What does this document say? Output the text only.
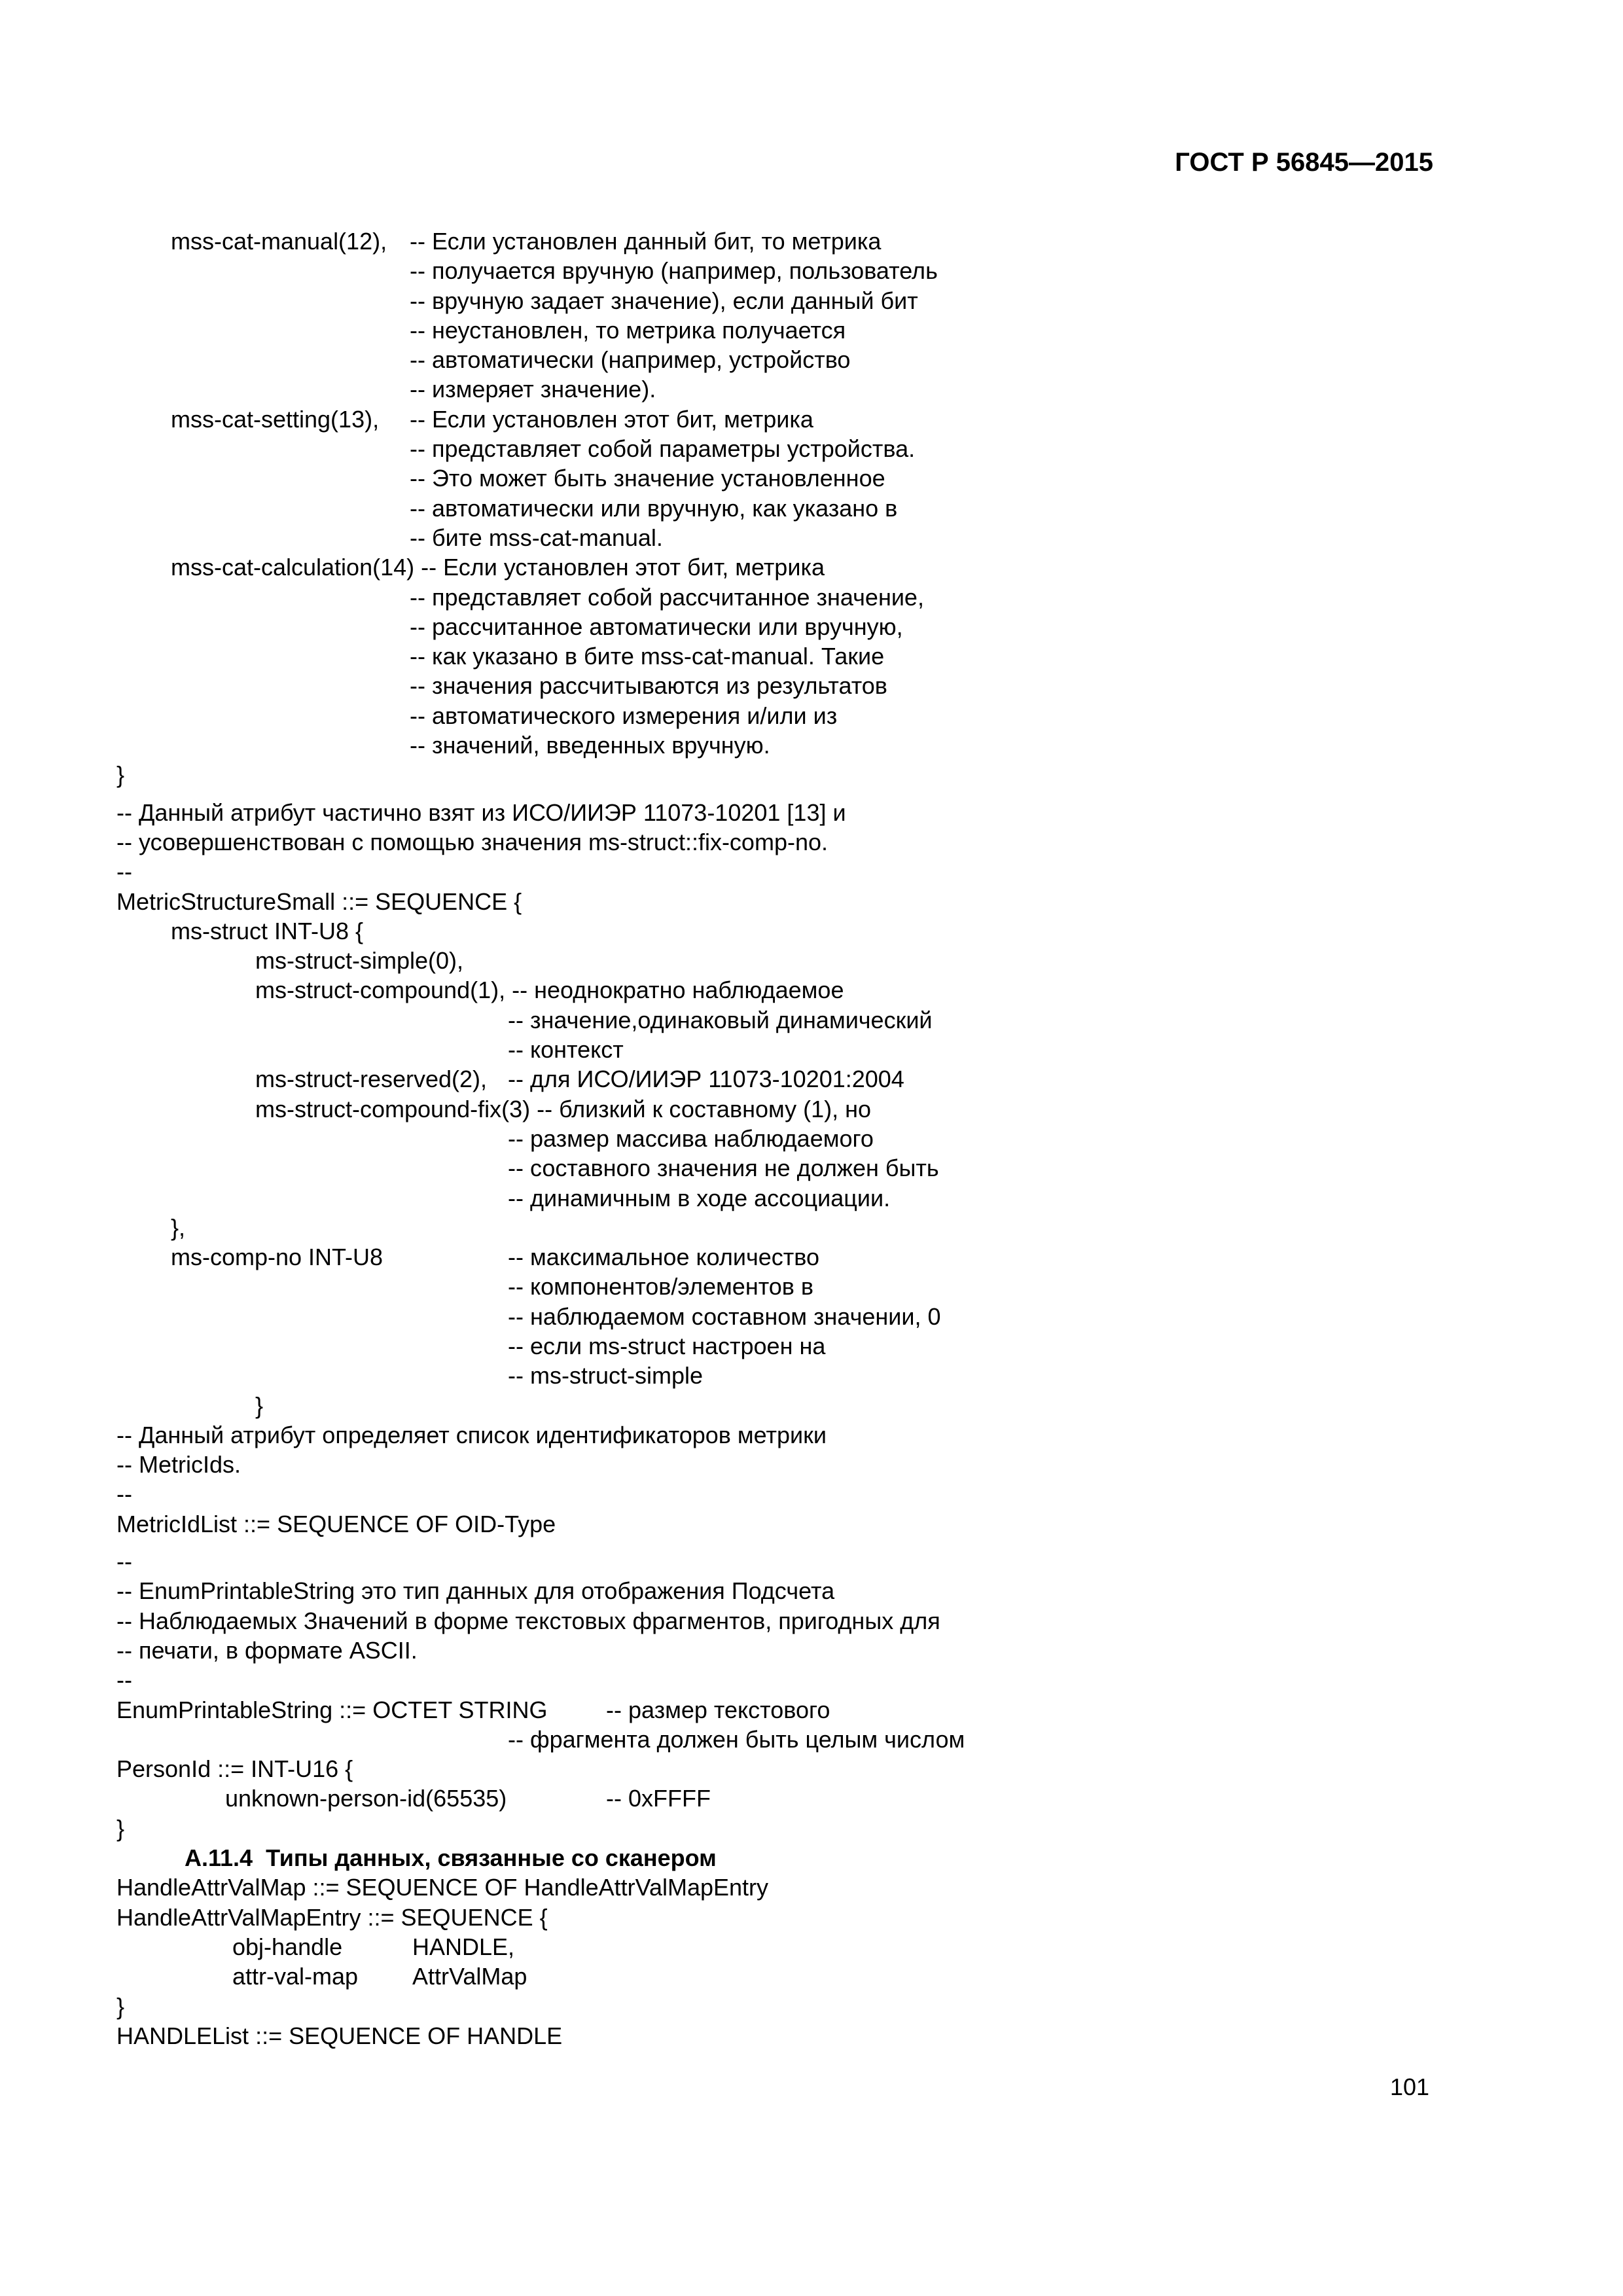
ГОСТ Р 56845—2015
mss-cat-manual(12), -- Если установлен данный бит, то метрика
-- получается вручную (например, пользователь
-- вручную задает значение), если данный бит
-- неустановлен, то метрика получается
-- автоматически (например, устройство
-- измеряет значение).
mss-cat-setting(13), -- Если установлен этот бит, метрика
-- представляет собой параметры устройства.
-- Это может быть значение установленное
-- автоматически или вручную, как указано в
-- бите mss-cat-manual.
mss-cat-calculation(14) -- Если установлен этот бит, метрика
-- представляет собой рассчитанное значение,
-- рассчитанное автоматически или вручную,
-- как указано в бите mss-cat-manual. Такие
-- значения рассчитываются из результатов
-- автоматического измерения и/или из
-- значений, введенных вручную.
}
-- Данный атрибут частично взят из ИСО/ИИЭР 11073-10201 [13] и
-- усовершенствован с помощью значения ms-struct::fix-comp-no.
--
MetricStructureSmall ::= SEQUENCE {
ms-struct INT-U8 {
ms-struct-simple(0),
ms-struct-compound(1), -- неоднократно наблюдаемое
-- значение,одинаковый динамический
-- контекст
ms-struct-reserved(2), -- для ИСО/ИИЭР 11073-10201:2004
ms-struct-compound-fix(3) -- близкий к составному (1), но
-- размер массива наблюдаемого
-- составного значения не должен быть
-- динамичным в ходе ассоциации.
},
ms-comp-no INT-U8	-- максимальное количество
-- компонентов/элементов в
-- наблюдаемом составном значении, 0
-- если ms-struct настроен на
-- ms-struct-simple
}
-- Данный атрибут определяет список идентификаторов метрики
-- MetricIds.
--
MetricIdList ::= SEQUENCE OF OID-Type
--
-- EnumPrintableString это тип данных для отображения Подсчета
-- Наблюдаемых Значений в форме текстовых фрагментов, пригодных для
-- печати, в формате ASCII.
--
EnumPrintableString ::= OCTET STRING -- размер текстового
-- фрагмента должен быть целым числом
PersonId ::= INT-U16 {
unknown-person-id(65535)	-- 0xFFFF
}
А.11.4  Типы данных, связанные со сканером
HandleAttrValMap ::= SEQUENCE OF HandleAttrValMapEntry
HandleAttrValMapEntry ::= SEQUENCE {
obj-handle	HANDLE,
attr-val-map AttrValMap
}
HANDLEList ::= SEQUENCE OF HANDLE
101
